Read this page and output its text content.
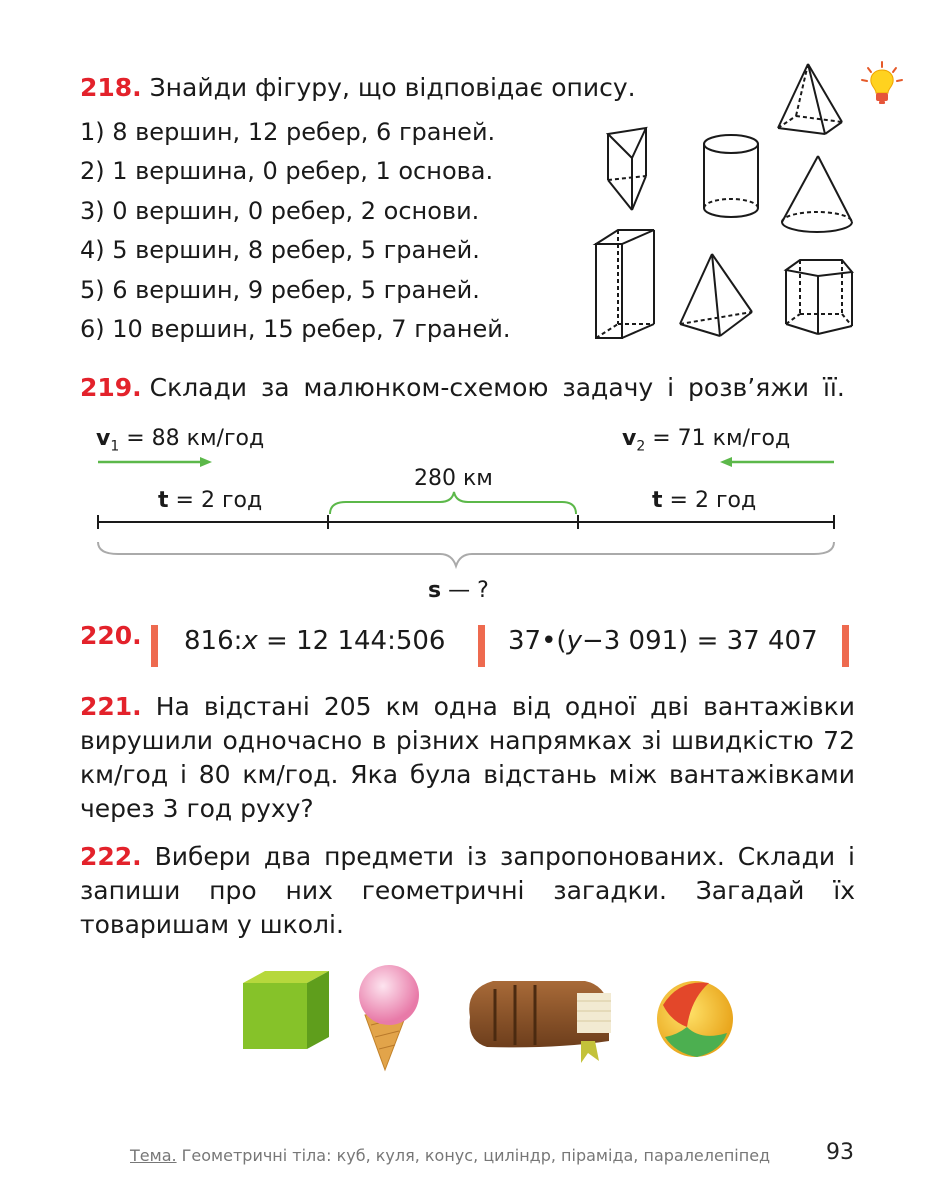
218. Знайди фігуру, що відповідає опису.
1) 8 вершин, 12 ребер, 6 граней.
2) 1 вершина, 0 ребер, 1 основа.
3) 0 вершин, 0 ребер, 2 основи.
4) 5 вершин, 8 ребер, 5 граней.
5) 6 вершин, 9 ребер, 5 граней.
6) 10 вершин, 15 ребер, 7 граней.
219. Склади за малюнком-схемою задачу і розв’яжи її.
$v_1 = 88$ км/год	$v_2 = 71$ км/год
t = 2 год
280 км
t = 2 год
s — ?
220. 816:x = 12 144:506 37•(y−3 091) = 37 407
221. На відстані 205 км одна від одної дві вантажівки вирушили одночасно в різних напрямках зі швидкістю 72 км/год і 80 км/год. Яка була відстань між вантажівками через 3 год руху?
222. Вибери два предмети із запропонованих. Склади і запиши про них геометричні загадки. Загадай їх товаришам у школі.
Тема. Геометричні тіла: куб, куля, конус, циліндр, піраміда, паралелепіпед	93
